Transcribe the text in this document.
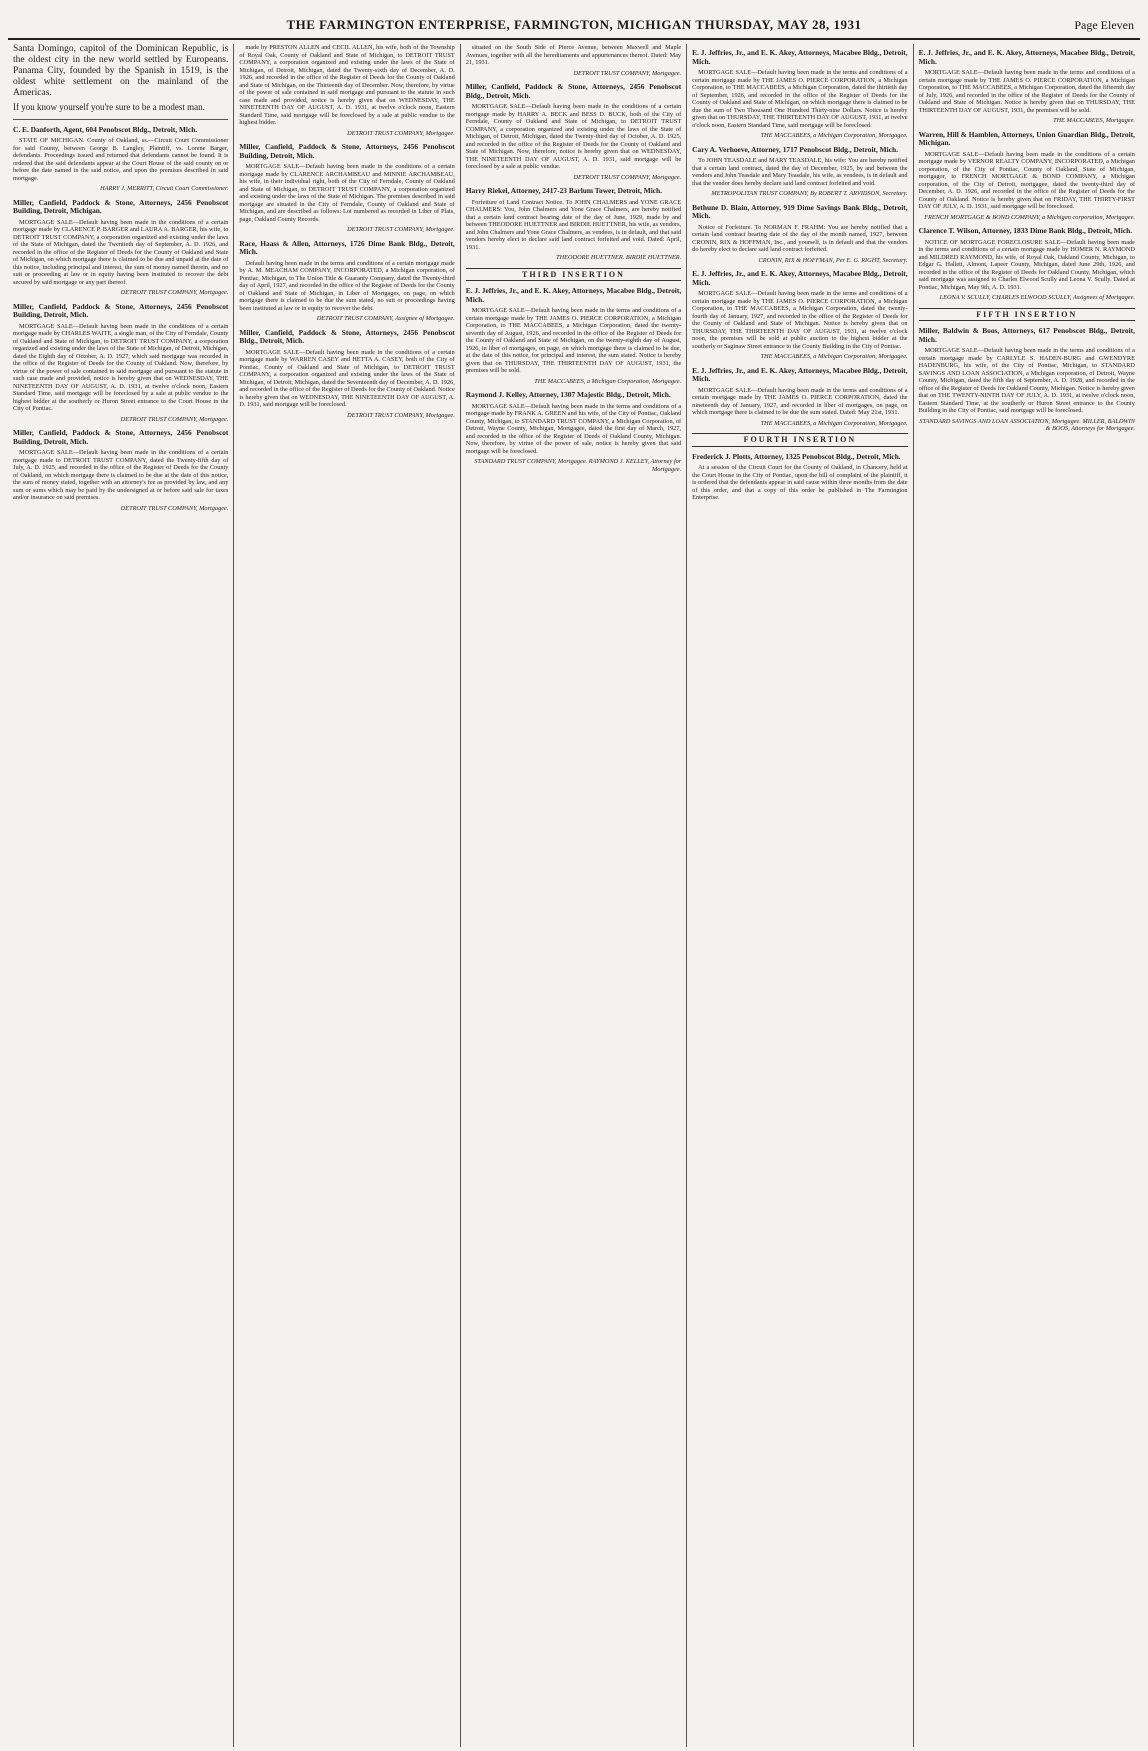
THE FARMINGTON ENTERPRISE, FARMINGTON, MICHIGAN THURSDAY, MAY 28, 1931	Page Eleven

Santa Domingo, capitol of the Dominican Republic, is the oldest city in the new world settled by Europeans. Panama City, founded by the Spanish in 1519, is the oldest white settlement on the mainland of the Americas.

If you know yourself you're sure to be a modest man.

C. E. Danforth, Agent, 604 Penobscot Bldg., Detroit, Mich.

STATE OF MICHIGAN. County of Oakland, ss.—Circuit Court Commissioner for said County, between George B. Langley, Plaintiff, vs. Lorene Barger, defendants. Proceedings issued and returned that defendants cannot be found. It is ordered that the said defendants appear at the Court House of the said county on or before the date named in the said notice, and upon the premises described in said mortgage.

HARRY J. MERRITT, Circuit Court Commissioner.

Miller, Canfield, Paddock & Stone, Attorneys, 2456 Penobscot Building, Detroit, Michigan.

MORTGAGE SALE—Default having been made in the conditions of a certain mortgage made by CLARENCE P. BARGER and LAURA A. BARGER, his wife, to DETROIT TRUST COMPANY, a corporation organized and existing under the laws of the State of Michigan, dated the Twentieth day of September, A. D. 1926, and recorded in the office of the Register of Deeds for the County of Oakland and State of Michigan, on which mortgage there is claimed to be due and unpaid at the date of this notice, including principal and interest, the sum of money named therein, and no suit or proceeding at law or in equity having been instituted to recover the debt secured by said mortgage or any part thereof.

DETROIT TRUST COMPANY, Mortgagee.

Miller, Canfield, Paddock & Stone, Attorneys, 2456 Penobscot Building, Detroit, Mich.

MORTGAGE SALE—Default having been made in the conditions of a certain mortgage made by CHARLES WAITE, a single man, of the City of Ferndale, County of Oakland and State of Michigan, to DETROIT TRUST COMPANY, a corporation organized and existing under the laws of the State of Michigan, of Detroit, Michigan, dated the Eighth day of October, A. D. 1927, which said mortgage was recorded in the office of the Register of Deeds for the County of Oakland. Now, therefore, by virtue of the power of sale contained in said mortgage and pursuant to the statute in such case made and provided, notice is hereby given that on WEDNESDAY, THE NINETEENTH DAY OF AUGUST, A. D. 1931, at twelve o'clock noon, Eastern Standard Time, said mortgage will be foreclosed by a sale at public vendue to the highest bidder at the southerly or Huron Street entrance to the Court House in the City of Pontiac.

DETROIT TRUST COMPANY, Mortgagee.

Miller, Canfield, Paddock & Stone, Attorneys, 2456 Penobscot Building, Detroit, Mich.

MORTGAGE SALE—Default having been made in the conditions of a certain mortgage made to DETROIT TRUST COMPANY, dated the Twenty-fifth day of July, A. D. 1925, and recorded in the office of the Register of Deeds for the County of Oakland, on which mortgage there is claimed to be due at the date of this notice, the sum of money stated, together with an attorney's fee as provided by law, and any sum or sums which may be paid by the undersigned at or before said sale for taxes and/or insurance on said premises.

DETROIT TRUST COMPANY, Mortgagee.

made by PRESTON ALLEN and CECIL ALLEN, his wife, both of the Township of Royal Oak, County of Oakland and State of Michigan, to DETROIT TRUST COMPANY, a corporation organized and existing under the laws of the State of Michigan, of Detroit, Michigan, dated the Twenty-sixth day of December, A. D. 1926, and recorded in the office of the Register of Deeds for the County of Oakland and State of Michigan, on the Thirteenth day of December. Now, therefore, by virtue of the power of sale contained in said mortgage and pursuant to the statute in such case made and provided, notice is hereby given that on WEDNESDAY, THE NINETEENTH DAY OF AUGUST, A. D. 1931, at twelve o'clock noon, Eastern Standard Time, said mortgage will be foreclosed by a sale at public vendue to the highest bidder.

DETROIT TRUST COMPANY, Mortgagee.

Miller, Canfield, Paddock & Stone, Attorneys, 2456 Penobscot Building, Detroit, Mich.

MORTGAGE SALE—Default having been made in the conditions of a certain mortgage made by CLARENCE ARCHAMBEAU and MINNIE ARCHAMBEAU, his wife, in their individual right, both of the City of Ferndale, County of Oakland and State of Michigan, to DETROIT TRUST COMPANY, a corporation organized and existing under the laws of the State of Michigan. The premises described in said mortgage are situated in the City of Ferndale, County of Oakland and State of Michigan, and are described as follows: Lot numbered as recorded in Liber of Plats, page, Oakland County Records.

DETROIT TRUST COMPANY, Mortgagee.

Race, Haass & Allen, Attorneys, 1726 Dime Bank Bldg., Detroit, Mich.

Default having been made in the terms and conditions of a certain mortgage made by A. M. MEACHAM COMPANY, INCORPORATED, a Michigan corporation, of Pontiac, Michigan, to The Union Title & Guaranty Company, dated the Twenty-third day of April, 1927, and recorded in the office of the Register of Deeds for the County of Oakland and State of Michigan, in Liber of Mortgages, on page, on which mortgage there is claimed to be due the sum stated, no suit or proceedings having been instituted at law or in equity to recover the debt.

DETROIT TRUST COMPANY, Assignee of Mortgagee.

Miller, Canfield, Paddock & Stone, Attorneys, 2456 Penobscot Bldg., Detroit, Mich.

MORTGAGE SALE—Default having been made in the conditions of a certain mortgage made by WARREN CASEY and HETTA A. CASEY, both of the City of Pontiac, County of Oakland and State of Michigan, to DETROIT TRUST COMPANY, a corporation organized and existing under the laws of the State of Michigan, of Detroit, Michigan, dated the Seventeenth day of December, A. D. 1926, and recorded in the office of the Register of Deeds for the County of Oakland. Notice is hereby given that on WEDNESDAY, THE NINETEENTH DAY OF AUGUST, A. D. 1931, said mortgage will be foreclosed.

DETROIT TRUST COMPANY, Mortgagee.

situated on the South Side of Pierce Avenue, between Maxwell and Maple Avenues, together with all the hereditaments and appurtenances thereof. Dated: May 21, 1931.

DETROIT TRUST COMPANY, Mortgagee.

Miller, Canfield, Paddock & Stone, Attorneys, 2456 Penobscot Bldg., Detroit, Mich.

MORTGAGE SALE—Default having been made in the conditions of a certain mortgage made by HARRY A. BECK and BESS D. BUCK, both of the City of Ferndale, County of Oakland and State of Michigan, to DETROIT TRUST COMPANY, a corporation organized and existing under the laws of the State of Michigan, of Detroit, Michigan, dated the Twenty-third day of October, A. D. 1925, and recorded in the office of the Register of Deeds for the County of Oakland and State of Michigan. Now, therefore, notice is hereby given that on WEDNESDAY, THE NINETEENTH DAY OF AUGUST, A. D. 1931, said mortgage will be foreclosed by a sale at public vendue.

DETROIT TRUST COMPANY, Mortgagee.

Harry Riekel, Attorney, 2417-23 Barlum Tower, Detroit, Mich.

Forfeiture of Land Contract Notice. To JOHN CHALMERS and YONE GRACE CHALMERS: You, John Chalmers and Yone Grace Chalmers, are hereby notified that a certain land contract bearing date of the day of June, 1929, made by and between THEODORE HUETTNER and BIRDIE HUETTNER, his wife, as vendors, and John Chalmers and Yone Grace Chalmers, as vendees, is in default, and that said vendors hereby elect to declare said land contract forfeited and void. Dated: April, 1931.

THEODORE HUETTNER. BIRDIE HUETTNER.

THIRD INSERTION
E. J. Jeffries, Jr., and E. K. Akey, Attorneys, Macabee Bldg., Detroit, Mich.

MORTGAGE SALE—Default having been made in the terms and conditions of a certain mortgage made by THE JAMES O. PIERCE CORPORATION, a Michigan Corporation, to THE MACCABEES, a Michigan Corporation, dated the twenty-seventh day of August, 1926, and recorded in the office of the Register of Deeds for the County of Oakland and State of Michigan, on the twenty-eighth day of August, 1926, in liber of mortgages, on page, on which mortgage there is claimed to be due, at the date of this notice, for principal and interest, the sum stated. Notice is hereby given that on THURSDAY, THE THIRTEENTH DAY OF AUGUST, 1931, the premises will be sold.

THE MACCABEES, a Michigan Corporation, Mortgagee.

Raymond J. Kelley, Attorney, 1307 Majestic Bldg., Detroit, Mich.

MORTGAGE SALE—Default having been made in the terms and conditions of a mortgage made by FRANK A. GREEN and his wife, of the City of Pontiac, Oakland County, Michigan, to STANDARD TRUST COMPANY, a Michigan Corporation, of Detroit, Wayne County, Michigan, Mortgagee, dated the first day of March, 1927, and recorded in the office of the Register of Deeds of Oakland County, Michigan. Now, therefore, by virtue of the power of sale, notice is hereby given that said mortgage will be foreclosed.

STANDARD TRUST COMPANY, Mortgagee. RAYMOND J. KELLEY, Attorney for Mortgagee.

E. J. Jeffries, Jr., and E. K. Akey, Attorneys, Macabee Bldg., Detroit, Mich.

MORTGAGE SALE—Default having been made in the terms and conditions of a certain mortgage made by THE JAMES O. PIERCE CORPORATION, a Michigan Corporation, to THE MACCABEES, a Michigan Corporation, dated the thirtieth day of September, 1926, and recorded in the office of the Register of Deeds for the County of Oakland and State of Michigan, on which mortgage there is claimed to be due the sum of Two Thousand One Hundred Thirty-nine Dollars. Notice is hereby given that on THURSDAY, THE THIRTEENTH DAY OF AUGUST, 1931, at twelve o'clock noon, Eastern Standard Time, said mortgage will be foreclosed.

THE MACCABEES, a Michigan Corporation, Mortgagee.

Cary A. Verhoeve, Attorney, 1717 Penobscot Bldg., Detroit, Mich.

To JOHN TEASDALE and MARY TEASDALE, his wife: You are hereby notified that a certain land contract, dated the day of December, 1925, by and between the vendors and John Teasdale and Mary Teasdale, his wife, as vendees, is in default and that the vendor does hereby declare said land contract forfeited and void.

METROPOLITAN TRUST COMPANY, By ROBERT T. ARVIDSON, Secretary.

Bethune D. Blain, Attorney, 919 Dime Savings Bank Bldg., Detroit, Mich.

Notice of Forfeiture. To NORMAN F. FRAHM: You are hereby notified that a certain land contract bearing date of the day of the month named, 1927, between CRONIN, RIX & HOFFMAN, Inc., and yourself, is in default and that the vendors do hereby elect to declare said land contract forfeited.

CRONIN, RIX & HOFFMAN, Per E. G. RIGHT, Secretary.

E. J. Jeffries, Jr., and E. K. Akey, Attorneys, Macabee Bldg., Detroit, Mich.

MORTGAGE SALE—Default having been made in the terms and conditions of a certain mortgage made by THE JAMES O. PIERCE CORPORATION, a Michigan Corporation, to THE MACCABEES, a Michigan Corporation, dated the twenty-fourth day of January, 1927, and recorded in the office of the Register of Deeds for the County of Oakland and State of Michigan. Notice is hereby given that on THURSDAY, THE THIRTEENTH DAY OF AUGUST, 1931, at twelve o'clock noon, the premises will be sold at public auction to the highest bidder at the southerly or Saginaw Street entrance to the County Building in the City of Pontiac.

THE MACCABEES, a Michigan Corporation, Mortgagee.

E. J. Jeffries, Jr., and E. K. Akey, Attorneys, Macabee Bldg., Detroit, Mich.

MORTGAGE SALE—Default having been made in the terms and conditions of a certain mortgage made by THE JAMES O. PIERCE CORPORATION, dated the nineteenth day of January, 1927, and recorded in liber of mortgages, on page, on which mortgage there is claimed to be due the sum stated. Dated: May 21st, 1931.

THE MACCABEES, a Michigan Corporation, Mortgagee.

FOURTH INSERTION
Frederick J. Plotts, Attorney, 1325 Penobscot Bldg., Detroit, Mich.

At a session of the Circuit Court for the County of Oakland, in Chancery, held at the Court House in the City of Pontiac, upon the bill of complaint of the plaintiff, it is ordered that the defendants appear in said cause within three months from the date of this order, and that a copy of this order be published in The Farmington Enterprise.

E. J. Jeffries, Jr., and E. K. Akey, Attorneys, Macabee Bldg., Detroit, Mich.

MORTGAGE SALE—Default having been made in the terms and conditions of a certain mortgage made by THE JAMES O. PIERCE CORPORATION, a Michigan Corporation, to THE MACCABEES, a Michigan Corporation, dated the fifteenth day of July, 1926, and recorded in the office of the Register of Deeds for the County of Oakland and State of Michigan. Notice is hereby given that on THURSDAY, THE THIRTEENTH DAY OF AUGUST, 1931, the premises will be sold.

THE MACCABEES, Mortgagee.

Warren, Hill & Hamblen, Attorneys, Union Guardian Bldg., Detroit, Michigan.

MORTGAGE SALE—Default having been made in the conditions of a certain mortgage made by VERNOR REALTY COMPANY, INCORPORATED, a Michigan corporation, of the City of Pontiac, County of Oakland, State of Michigan, mortgagor, to FRENCH MORTGAGE & BOND COMPANY, a Michigan corporation, of the City of Detroit, mortgagee, dated the twenty-third day of December, A. D. 1926, and recorded in the office of the Register of Deeds for the County of Oakland. Notice is hereby given that on FRIDAY, THE THIRTY-FIRST DAY OF JULY, A. D. 1931, said mortgage will be foreclosed.

FRENCH MORTGAGE & BOND COMPANY, a Michigan corporation, Mortgagee.

Clarence T. Wilson, Attorney, 1833 Dime Bank Bldg., Detroit, Mich.

NOTICE OF MORTGAGE FORECLOSURE SALE—Default having been made in the terms and conditions of a certain mortgage made by HOMER N. RAYMOND and MILDRED RAYMOND, his wife, of Royal Oak, Oakland County, Michigan, to Edgar G. Hallett, Almont, Lapeer County, Michigan, dated June 29th, 1926, and recorded in the office of the Register of Deeds for Oakland County, Michigan, which said mortgage was assigned to Charles Elwood Scully and Leona V. Scully. Dated at Pontiac, Michigan, May 9th, A. D. 1931.

LEONA V. SCULLY, CHARLES ELWOOD SCULLY, Assignees of Mortgagee.

FIFTH INSERTION
Miller, Baldwin & Boos, Attorneys, 617 Penobscot Bldg., Detroit, Mich.

MORTGAGE SALE—Default having been made in the terms and conditions of a certain mortgage made by CARLYLE S. HADEN-BURG and GWENDYRE HADENBURG, his wife, of the City of Pontiac, Michigan, to STANDARD SAVINGS AND LOAN ASSOCIATION, a Michigan corporation, of Detroit, Wayne County, Michigan, dated the fifth day of September, A. D. 1928, and recorded in the office of the Register of Deeds for Oakland County, Michigan. Notice is hereby given that on THE TWENTY-NINTH DAY OF JULY, A. D. 1931, at twelve o'clock noon, Eastern Standard Time, at the southerly or Huron Street entrance to the County Building in the City of Pontiac, said mortgage will be foreclosed.

STANDARD SAVINGS AND LOAN ASSOCIATION, Mortgagee. MILLER, BALDWIN & BOOS, Attorneys for Mortgagee.
